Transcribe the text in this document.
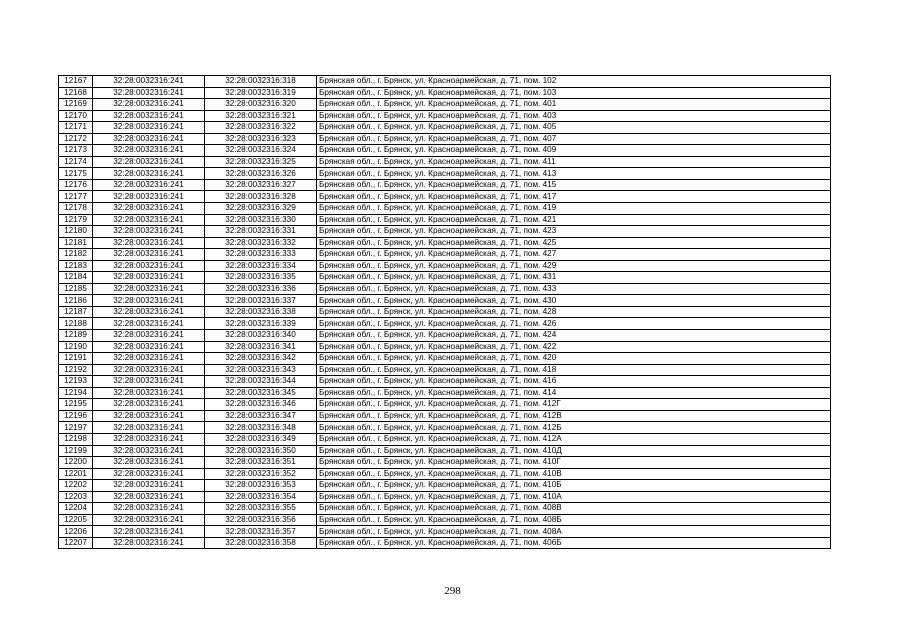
12167	32:28:0032316:241	32:28:0032316:318	Брянская обл., г. Брянск, ул. Красноармейская, д. 71, пом. 102
12168	32:28:0032316:241	32:28:0032316:319	Брянская обл., г. Брянск, ул. Красноармейская, д. 71, пом. 103
12169	32:28:0032316:241	32:28:0032316:320	Брянская обл., г. Брянск, ул. Красноармейская, д. 71, пом. 401
12170	32:28:0032316:241	32:28:0032316:321	Брянская обл., г. Брянск, ул. Красноармейская, д. 71, пом. 403
12171	32:28:0032316:241	32:28:0032316:322	Брянская обл., г. Брянск, ул. Красноармейская, д. 71, пом. 405
12172	32:28:0032316:241	32:28:0032316:323	Брянская обл., г. Брянск, ул. Красноармейская, д. 71, пом. 407
12173	32:28:0032316:241	32:28:0032316:324	Брянская обл., г. Брянск, ул. Красноармейская, д. 71, пом. 409
12174	32:28:0032316:241	32:28:0032316:325	Брянская обл., г. Брянск, ул. Красноармейская, д. 71, пом. 411
12175	32:28:0032316:241	32:28:0032316:326	Брянская обл., г. Брянск, ул. Красноармейская, д. 71, пом. 413
12176	32:28:0032316:241	32:28:0032316:327	Брянская обл., г. Брянск, ул. Красноармейская, д. 71, пом. 415
12177	32:28:0032316:241	32:28:0032316:328	Брянская обл., г. Брянск, ул. Красноармейская, д. 71, пом. 417
12178	32:28:0032316:241	32:28:0032316:329	Брянская обл., г. Брянск, ул. Красноармейская, д. 71, пом. 419
12179	32:28:0032316:241	32:28:0032316:330	Брянская обл., г. Брянск, ул. Красноармейская, д. 71, пом. 421
12180	32:28:0032316:241	32:28:0032316:331	Брянская обл., г. Брянск, ул. Красноармейская, д. 71, пом. 423
12181	32:28:0032316:241	32:28:0032316:332	Брянская обл., г. Брянск, ул. Красноармейская, д. 71, пом. 425
12182	32:28:0032316:241	32:28:0032316:333	Брянская обл., г. Брянск, ул. Красноармейская, д. 71, пом. 427
12183	32:28:0032316:241	32:28:0032316:334	Брянская обл., г. Брянск, ул. Красноармейская, д. 71, пом. 429
12184	32:28:0032316:241	32:28:0032316:335	Брянская обл., г. Брянск, ул. Красноармейская, д. 71, пом. 431
12185	32:28:0032316:241	32:28:0032316:336	Брянская обл., г. Брянск, ул. Красноармейская, д. 71, пом. 433
12186	32:28:0032316:241	32:28:0032316:337	Брянская обл., г. Брянск, ул. Красноармейская, д. 71, пом. 430
12187	32:28:0032316:241	32:28:0032316:338	Брянская обл., г. Брянск, ул. Красноармейская, д. 71, пом. 428
12188	32:28:0032316:241	32:28:0032316:339	Брянская обл., г. Брянск, ул. Красноармейская, д. 71, пом. 426
12189	32:28:0032316:241	32:28:0032316:340	Брянская обл., г. Брянск, ул. Красноармейская, д. 71, пом. 424
12190	32:28:0032316:241	32:28:0032316:341	Брянская обл., г. Брянск, ул. Красноармейская, д. 71, пом. 422
12191	32:28:0032316:241	32:28:0032316:342	Брянская обл., г. Брянск, ул. Красноармейская, д. 71, пом. 420
12192	32:28:0032316:241	32:28:0032316:343	Брянская обл., г. Брянск, ул. Красноармейская, д. 71, пом. 418
12193	32:28:0032316:241	32:28:0032316:344	Брянская обл., г. Брянск, ул. Красноармейская, д. 71, пом. 416
12194	32:28:0032316:241	32:28:0032316:345	Брянская обл., г. Брянск, ул. Красноармейская, д. 71, пом. 414
12195	32:28:0032316:241	32:28:0032316:346	Брянская обл., г. Брянск, ул. Красноармейская, д. 71, пом. 412Г
12196	32:28:0032316:241	32:28:0032316:347	Брянская обл., г. Брянск, ул. Красноармейская, д. 71, пом. 412В
12197	32:28:0032316:241	32:28:0032316:348	Брянская обл., г. Брянск, ул. Красноармейская, д. 71, пом. 412Б
12198	32:28:0032316:241	32:28:0032316:349	Брянская обл., г. Брянск, ул. Красноармейская, д. 71, пом. 412А
12199	32:28:0032316:241	32:28:0032316:350	Брянская обл., г. Брянск, ул. Красноармейская, д. 71, пом. 410Д
12200	32:28:0032316:241	32:28:0032316:351	Брянская обл., г. Брянск, ул. Красноармейская, д. 71, пом. 410Г
12201	32:28:0032316:241	32:28:0032316:352	Брянская обл., г. Брянск, ул. Красноармейская, д. 71, пом. 410В
12202	32:28:0032316:241	32:28:0032316:353	Брянская обл., г. Брянск, ул. Красноармейская, д. 71, пом. 410Б
12203	32:28:0032316:241	32:28:0032316:354	Брянская обл., г. Брянск, ул. Красноармейская, д. 71, пом. 410А
12204	32:28:0032316:241	32:28:0032316:355	Брянская обл., г. Брянск, ул. Красноармейская, д. 71, пом. 408В
12205	32:28:0032316:241	32:28:0032316:356	Брянская обл., г. Брянск, ул. Красноармейская, д. 71, пом. 408Б
12206	32:28:0032316:241	32:28:0032316:357	Брянская обл., г. Брянск, ул. Красноармейская, д. 71, пом. 408А
12207	32:28:0032316:241	32:28:0032316:358	Брянская обл., г. Брянск, ул. Красноармейская, д. 71, пом. 406Б
298
